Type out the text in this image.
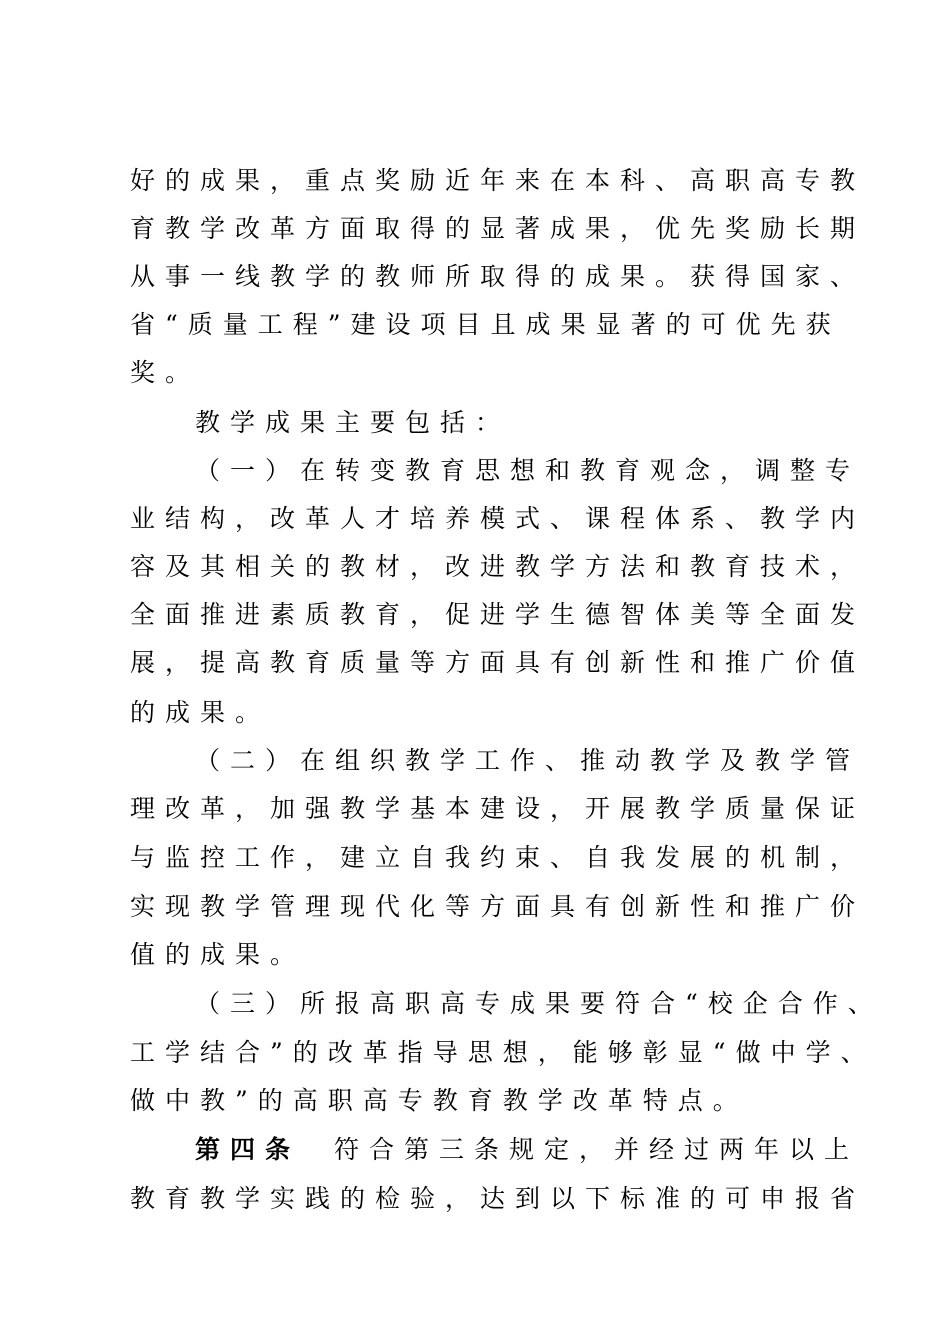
好的成果，重点奖励近年来在本科、高职高专教
育教学改革方面取得的显著成果，优先奖励长期
从事一线教学的教师所取得的成果。获得国家、
省“质量工程”建设项目且成果显著的可优先获
奖。
教学成果主要包括：
（一）在转变教育思想和教育观念，调整专
业结构，改革人才培养模式、课程体系、教学内
容及其相关的教材，改进教学方法和教育技术，
全面推进素质教育，促进学生德智体美等全面发
展，提高教育质量等方面具有创新性和推广价值
的成果。
（二）在组织教学工作、推动教学及教学管
理改革，加强教学基本建设，开展教学质量保证
与监控工作，建立自我约束、自我发展的机制，
实现教学管理现代化等方面具有创新性和推广价
值的成果。
（三）所报高职高专成果要符合“校企合作、
工学结合”的改革指导思想，能够彰显“做中学、
做中教”的高职高专教育教学改革特点。
第四条 符合第三条规定，并经过两年以上
教育教学实践的检验，达到以下标准的可申报省
